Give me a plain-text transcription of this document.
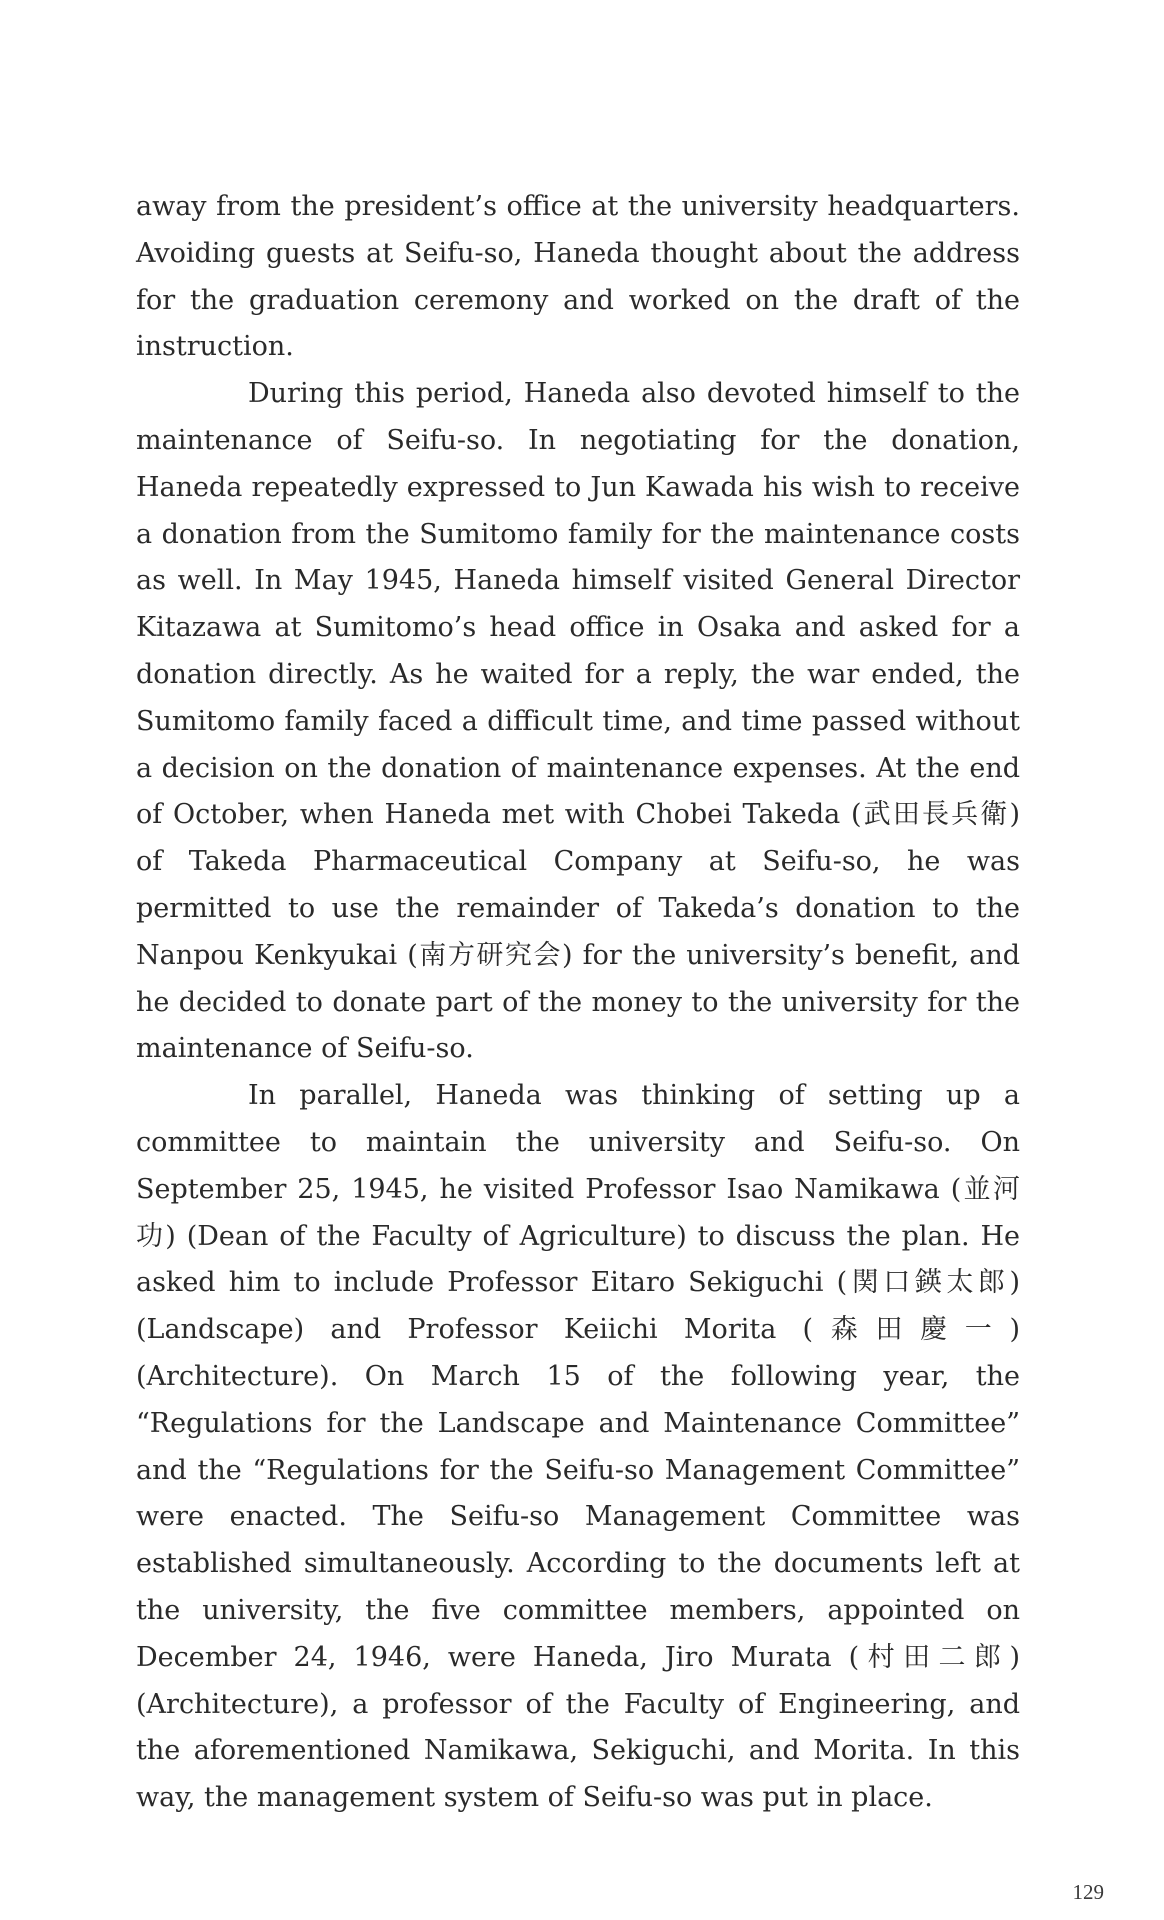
away from the president’s office at the university headquarters. Avoiding guests at Seifu-so, Haneda thought about the address for the graduation ceremony and worked on the draft of the instruction.

During this period, Haneda also devoted himself to the maintenance of Seifu-so. In negotiating for the donation, Haneda repeatedly expressed to Jun Kawada his wish to receive a donation from the Sumitomo family for the maintenance costs as well. In May 1945, Haneda himself visited General Director Kitazawa at Sumitomo’s head office in Osaka and asked for a donation directly. As he waited for a reply, the war ended, the Sumitomo family faced a difficult time, and time passed without a decision on the donation of maintenance expenses. At the end of October, when Haneda met with Chobei Takeda (武田長兵衛) of Takeda Pharmaceutical Company at Seifu-so, he was permitted to use the remainder of Takeda’s donation to the Nanpou Kenkyukai (南方研究会) for the university’s benefit, and he decided to donate part of the money to the university for the maintenance of Seifu-so.

In parallel, Haneda was thinking of setting up a committee to maintain the university and Seifu-so. On September 25, 1945, he visited Professor Isao Namikawa (並河功) (Dean of the Faculty of Agriculture) to discuss the plan. He asked him to include Professor Eitaro Sekiguchi (関口鍈太郎) (Landscape) and Professor Keiichi Morita (森田慶一) (Architecture). On March 15 of the following year, the “Regulations for the Landscape and Maintenance Committee” and the “Regulations for the Seifu-so Management Committee” were enacted. The Seifu-so Management Committee was established simultaneously. According to the documents left at the university, the five committee members, appointed on December 24, 1946, were Haneda, Jiro Murata (村田二郎) (Architecture), a professor of the Faculty of Engineering, and the aforementioned Namikawa, Sekiguchi, and Morita. In this way, the management system of Seifu-so was put in place.

129
